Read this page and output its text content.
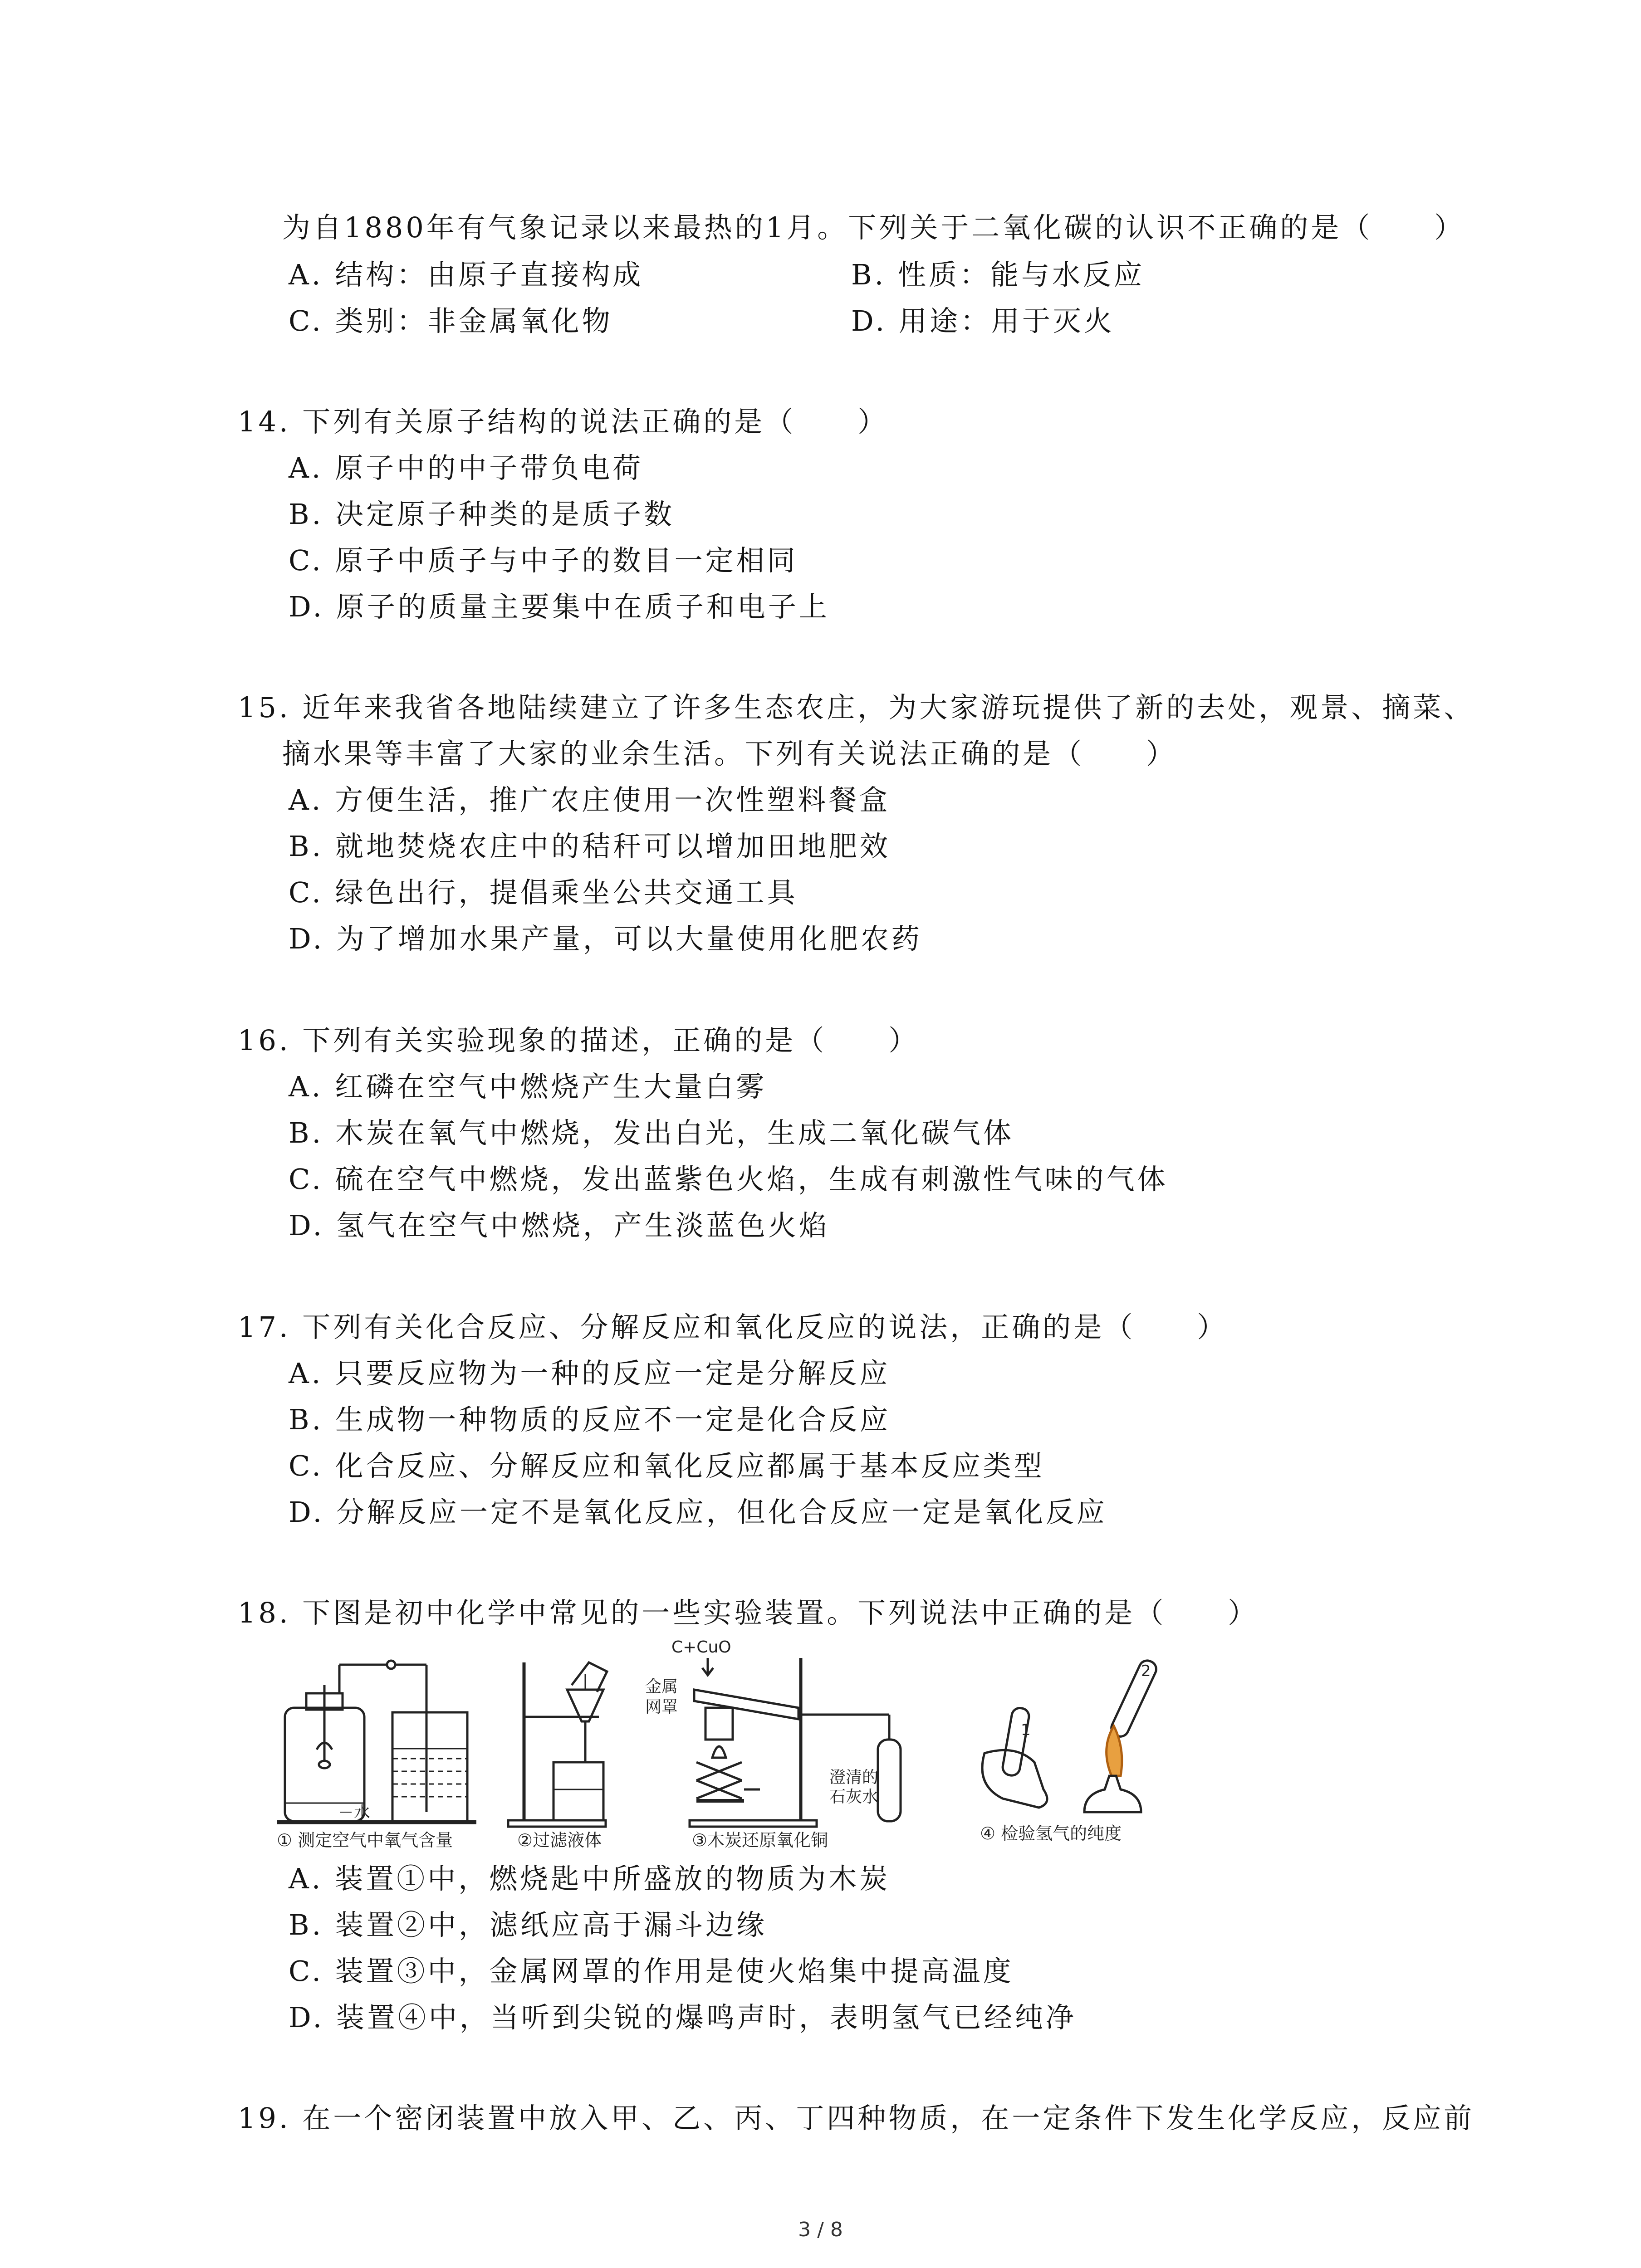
为自1880年有气象记录以来最热的1月。下列关于二氧化碳的认识不正确的是（　　）
A. 结构：由原子直接构成	B. 性质：能与水反应
C. 类别：非金属氧化物	D. 用途：用于灭火
14. 下列有关原子结构的说法正确的是（　　）
A. 原子中的中子带负电荷
B. 决定原子种类的是质子数
C. 原子中质子与中子的数目一定相同
D. 原子的质量主要集中在质子和电子上
15. 近年来我省各地陆续建立了许多生态农庄，为大家游玩提供了新的去处，观景、摘菜、
摘水果等丰富了大家的业余生活。下列有关说法正确的是（　　）
A. 方便生活，推广农庄使用一次性塑料餐盒
B. 就地焚烧农庄中的秸秆可以增加田地肥效
C. 绿色出行，提倡乘坐公共交通工具
D. 为了增加水果产量，可以大量使用化肥农药
16. 下列有关实验现象的描述，正确的是（　　）
A. 红磷在空气中燃烧产生大量白雾
B. 木炭在氧气中燃烧，发出白光，生成二氧化碳气体
C. 硫在空气中燃烧，发出蓝紫色火焰，生成有刺激性气味的气体
D. 氢气在空气中燃烧，产生淡蓝色火焰
17. 下列有关化合反应、分解反应和氧化反应的说法，正确的是（　　）
A. 只要反应物为一种的反应一定是分解反应
B. 生成物一种物质的反应不一定是化合反应
C. 化合反应、分解反应和氧化反应都属于基本反应类型
D. 分解反应一定不是氧化反应，但化合反应一定是氧化反应
18. 下图是初中化学中常见的一些实验装置。下列说法中正确的是（　　）
水
① 测定空气中氧气含量	②过滤液体
C+CuO
金属
网罩
澄清的
石灰水
③木炭还原氧化铜
1
2
④ 检验氢气的纯度
A. 装置①中，燃烧匙中所盛放的物质为木炭
B. 装置②中，滤纸应高于漏斗边缘
C. 装置③中，金属网罩的作用是使火焰集中提高温度
D. 装置④中，当听到尖锐的爆鸣声时，表明氢气已经纯净
19. 在一个密闭装置中放入甲、乙、丙、丁四种物质，在一定条件下发生化学反应，反应前
3 / 8
